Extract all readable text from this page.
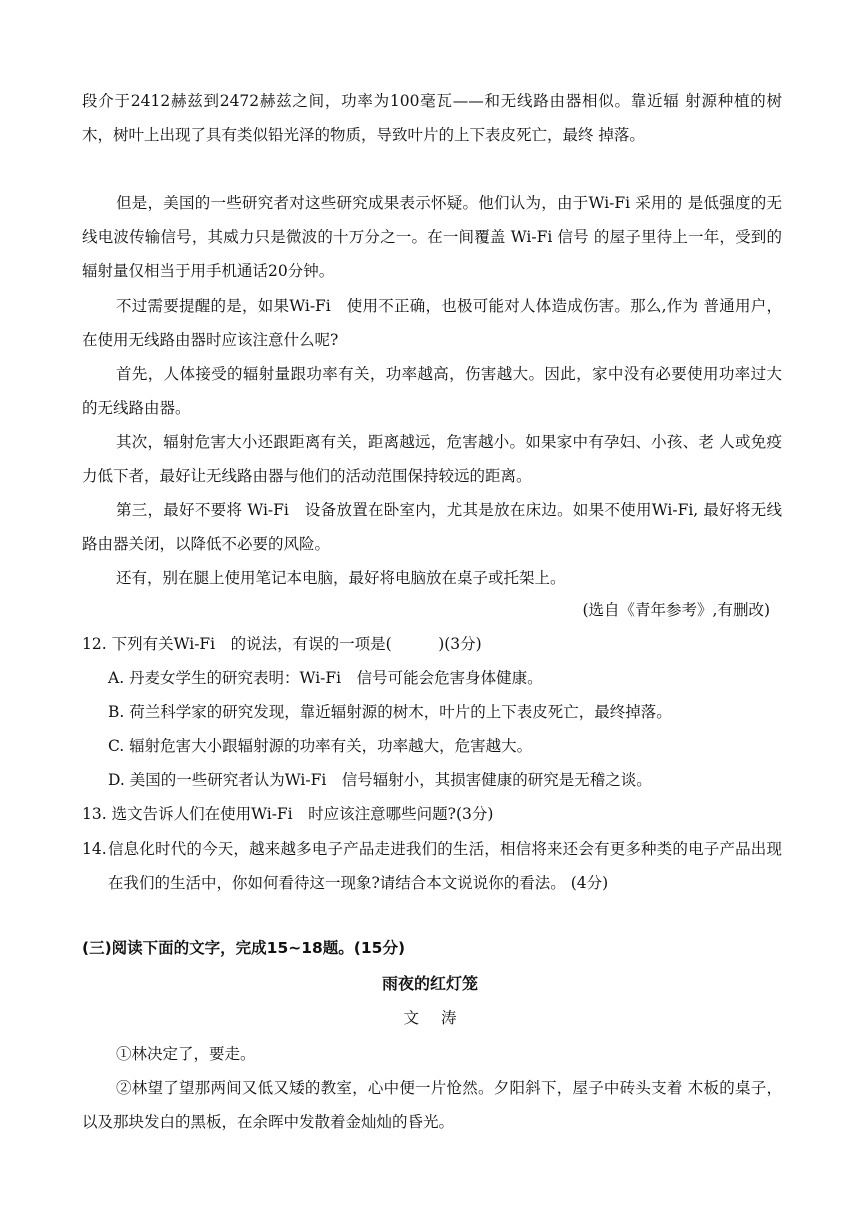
段介于2412赫兹到2472赫兹之间，功率为100毫瓦——和无线路由器相似。靠近辐 射源种植的树木，树叶上出现了具有类似铅光泽的物质，导致叶片的上下表皮死亡，最终 掉落。
但是，美国的一些研究者对这些研究成果表示怀疑。他们认为，由于Wi-Fi 采用的 是低强度的无线电波传输信号，其威力只是微波的十万分之一。在一间覆盖 Wi-Fi 信号 的屋子里待上一年，受到的辐射量仅相当于用手机通话20分钟。
不过需要提醒的是，如果Wi-Fi　使用不正确，也极可能对人体造成伤害。那么,作为 普通用户，在使用无线路由器时应该注意什么呢?
首先，人体接受的辐射量跟功率有关，功率越高，伤害越大。因此，家中没有必要使用功率过大的无线路由器。
其次，辐射危害大小还跟距离有关，距离越远，危害越小。如果家中有孕妇、小孩、老 人或免疫力低下者，最好让无线路由器与他们的活动范围保持较远的距离。
第三，最好不要将 Wi-Fi　设备放置在卧室内，尤其是放在床边。如果不使用Wi-Fi, 最好将无线路由器关闭，以降低不必要的风险。
还有，别在腿上使用笔记本电脑，最好将电脑放在桌子或托架上。
(选自《青年参考》,有删改)
12. 下列有关Wi-Fi　的说法，有误的一项是(　　　)(3分)
A. 丹麦女学生的研究表明：Wi-Fi　信号可能会危害身体健康。
B. 荷兰科学家的研究发现，靠近辐射源的树木，叶片的上下表皮死亡，最终掉落。
C. 辐射危害大小跟辐射源的功率有关，功率越大，危害越大。
D. 美国的一些研究者认为Wi-Fi　信号辐射小，其损害健康的研究是无稽之谈。
13. 选文告诉人们在使用Wi-Fi　时应该注意哪些问题?(3分)
14. 信息化时代的今天，越来越多电子产品走进我们的生活，相信将来还会有更多种类的电子产品出现在我们的生活中，你如何看待这一现象?请结合本文说说你的看法。 (4分)
(三)阅读下面的文字，完成15~18题。(15分)
雨夜的红灯笼
文涛
①林决定了，要走。
②林望了望那两间又低又矮的教室，心中便一片怆然。夕阳斜下，屋子中砖头支着 木板的桌子，以及那块发白的黑板，在余晖中发散着金灿灿的昏光。
